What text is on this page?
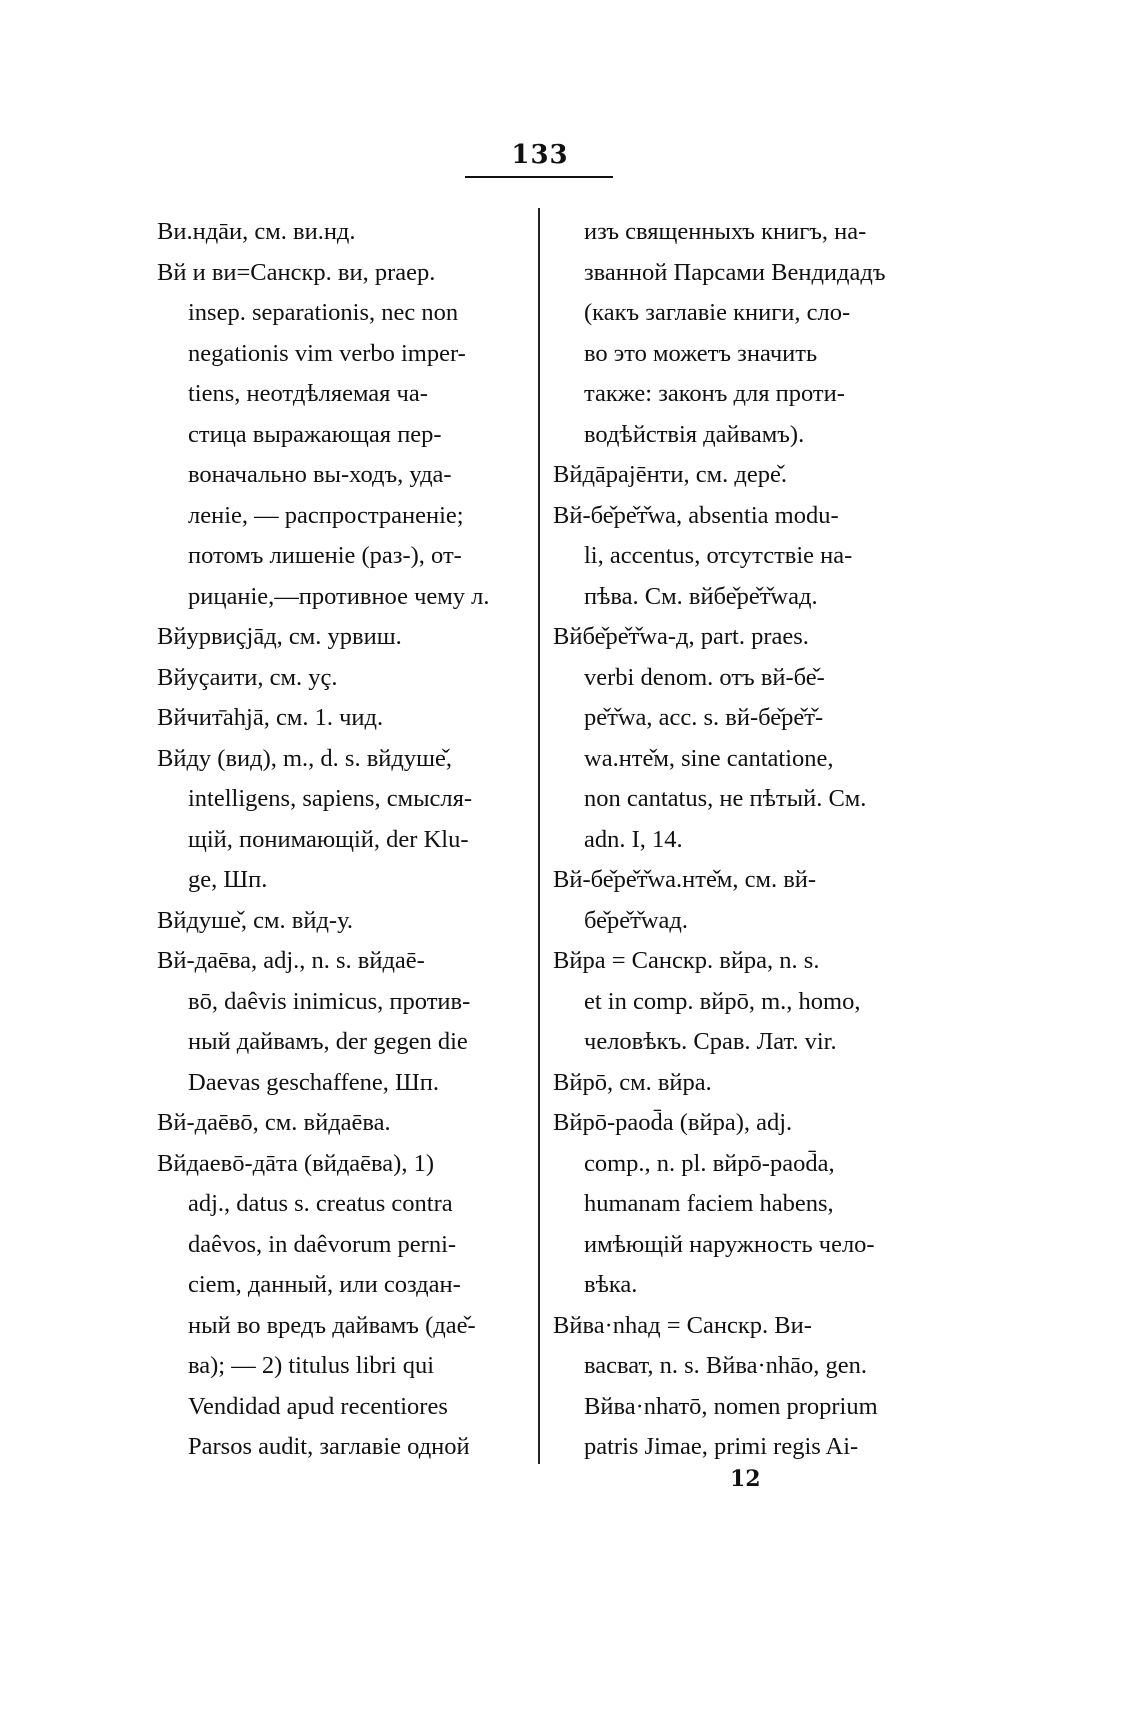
133
Ви.ндāи, см. ви.нд.
Вй и ви=Санскр. ви, praep.
insep. separationis, nec non
negationis vim verbo imper-
tiens, неотдѣляемая ча-
стица выражающая пер-
воначально вы-ходъ, уда-
леніе, — распространеніе;
потомъ лишеніе (раз-), от-
рицаніе,—противное чему л.
Вйурвиçjāд, см. урвиш.
Вйуçаити, см. уç.
Вйчит̄аhjā, см. 1. чид.
Вйду (вид), m., d. s. вйдуше̌,
intelligens, sapiens, смысля-
щій, понимающій, der Klu-
ge, Шп.
Вйдуше̌, см. вйд-у.
Вй-даēва, adj., n. s. вйдаē-
вō, daêvis inimicus, против-
ный дайвамъ, der gegen die
Daevas geschaffene, Шп.
Вй-даēвō, см. вйдаēва.
Вйдаевō-дāта (вйдаēва), 1)
adj., datus s. creatus contra
daêvos, in daêvorum perni-
ciem, данный, или создан-
ный во вредъ дайвамъ (дае̌-
ва); — 2) titulus libri qui
Vendidad apud recentiores
Parsos audit, заглавіе одной
изъ священныхъ книгъ, на-
званной Парсами Вендидадъ
(какъ заглавіе книги, сло-
во это можетъ значить
также: законъ для проти-
водѣйствія дайвамъ).
Вйдāраjēнти, см. дере̌.
Вй-бе̌ре̌т̌wа, absentia modu-
li, accentus, отсутствіе на-
пѣва. См. вйбе̌ре̌т̌wад.
Вйбе̌ре̌т̌wа-д, part. praes.
verbi denom. отъ вй-бе̌-
ре̌т̌wа, acc. s. вй-бе̌ре̌т̌-
wа.нте̌м, sine cantatione,
non cantatus, не пѣтый. См.
adn. I, 14.
Вй-бе̌ре̌т̌wа.нте̌м, см. вй-
бе̌ре̌т̌wад.
Вйра = Санскр. вйра, n. s.
et in comp. вйрō, m., homo,
человѣкъ. Срав. Лат. vir.
Вйрō, см. вйра.
Вйрō-раоd̄а (вйра), adj.
comp., n. pl. вйрō-раоd̄а,
humanam faciem habens,
имѣющій наружность чело-
вѣка.
Вйва·nhад = Санскр. Ви-
васват, n. s. Вйва·nhāо, gen.
Вйва·nhатō, nomen proprium
patris Jimae, primi regis Ai-
12
